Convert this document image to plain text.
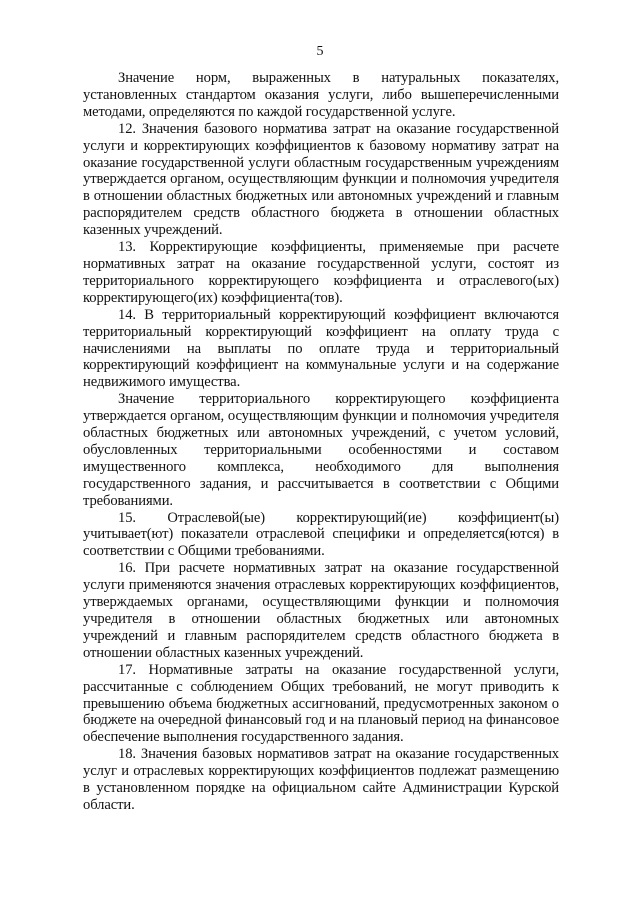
5

Значение норм, выраженных в натуральных показателях, установленных стандартом оказания услуги, либо вышеперечисленными методами, определяются по каждой государственной услуге.

12. Значения базового норматива затрат на оказание государственной услуги и корректирующих коэффициентов к базовому нормативу затрат на оказание государственной услуги областным государственным учреждениям утверждается органом, осуществляющим функции и полномочия учредителя в отношении областных бюджетных или автономных учреждений и главным распорядителем средств областного бюджета в отношении областных казенных учреждений.

13. Корректирующие коэффициенты, применяемые при расчете нормативных затрат на оказание государственной услуги, состоят из территориального корректирующего коэффициента и отраслевого(ых) корректирующего(их) коэффициента(тов).

14. В территориальный корректирующий коэффициент включаются территориальный корректирующий коэффициент на оплату труда с начислениями на выплаты по оплате труда и территориальный корректирующий коэффициент на коммунальные услуги и на содержание недвижимого имущества.

Значение территориального корректирующего коэффициента утверждается органом, осуществляющим функции и полномочия учредителя областных бюджетных или автономных учреждений, с учетом условий, обусловленных территориальными особенностями и составом имущественного комплекса, необходимого для выполнения государственного задания, и рассчитывается в соответствии с Общими требованиями.

15. Отраслевой(ые) корректирующий(ие) коэффициент(ы) учитывает(ют) показатели отраслевой специфики и определяется(ются) в соответствии с Общими требованиями.

16. При расчете нормативных затрат на оказание государственной услуги применяются значения отраслевых корректирующих коэффициентов, утверждаемых органами, осуществляющими функции и полномочия учредителя в отношении областных бюджетных или автономных учреждений и главным распорядителем средств областного бюджета в отношении областных казенных учреждений.

17. Нормативные затраты на оказание государственной услуги, рассчитанные с соблюдением Общих требований, не могут приводить к превышению объема бюджетных ассигнований, предусмотренных законом о бюджете на очередной финансовый год и на плановый период на финансовое обеспечение выполнения государственного задания.

18. Значения базовых нормативов затрат на оказание государственных услуг и отраслевых корректирующих коэффициентов подлежат размещению в установленном порядке на официальном сайте Администрации Курской области.
